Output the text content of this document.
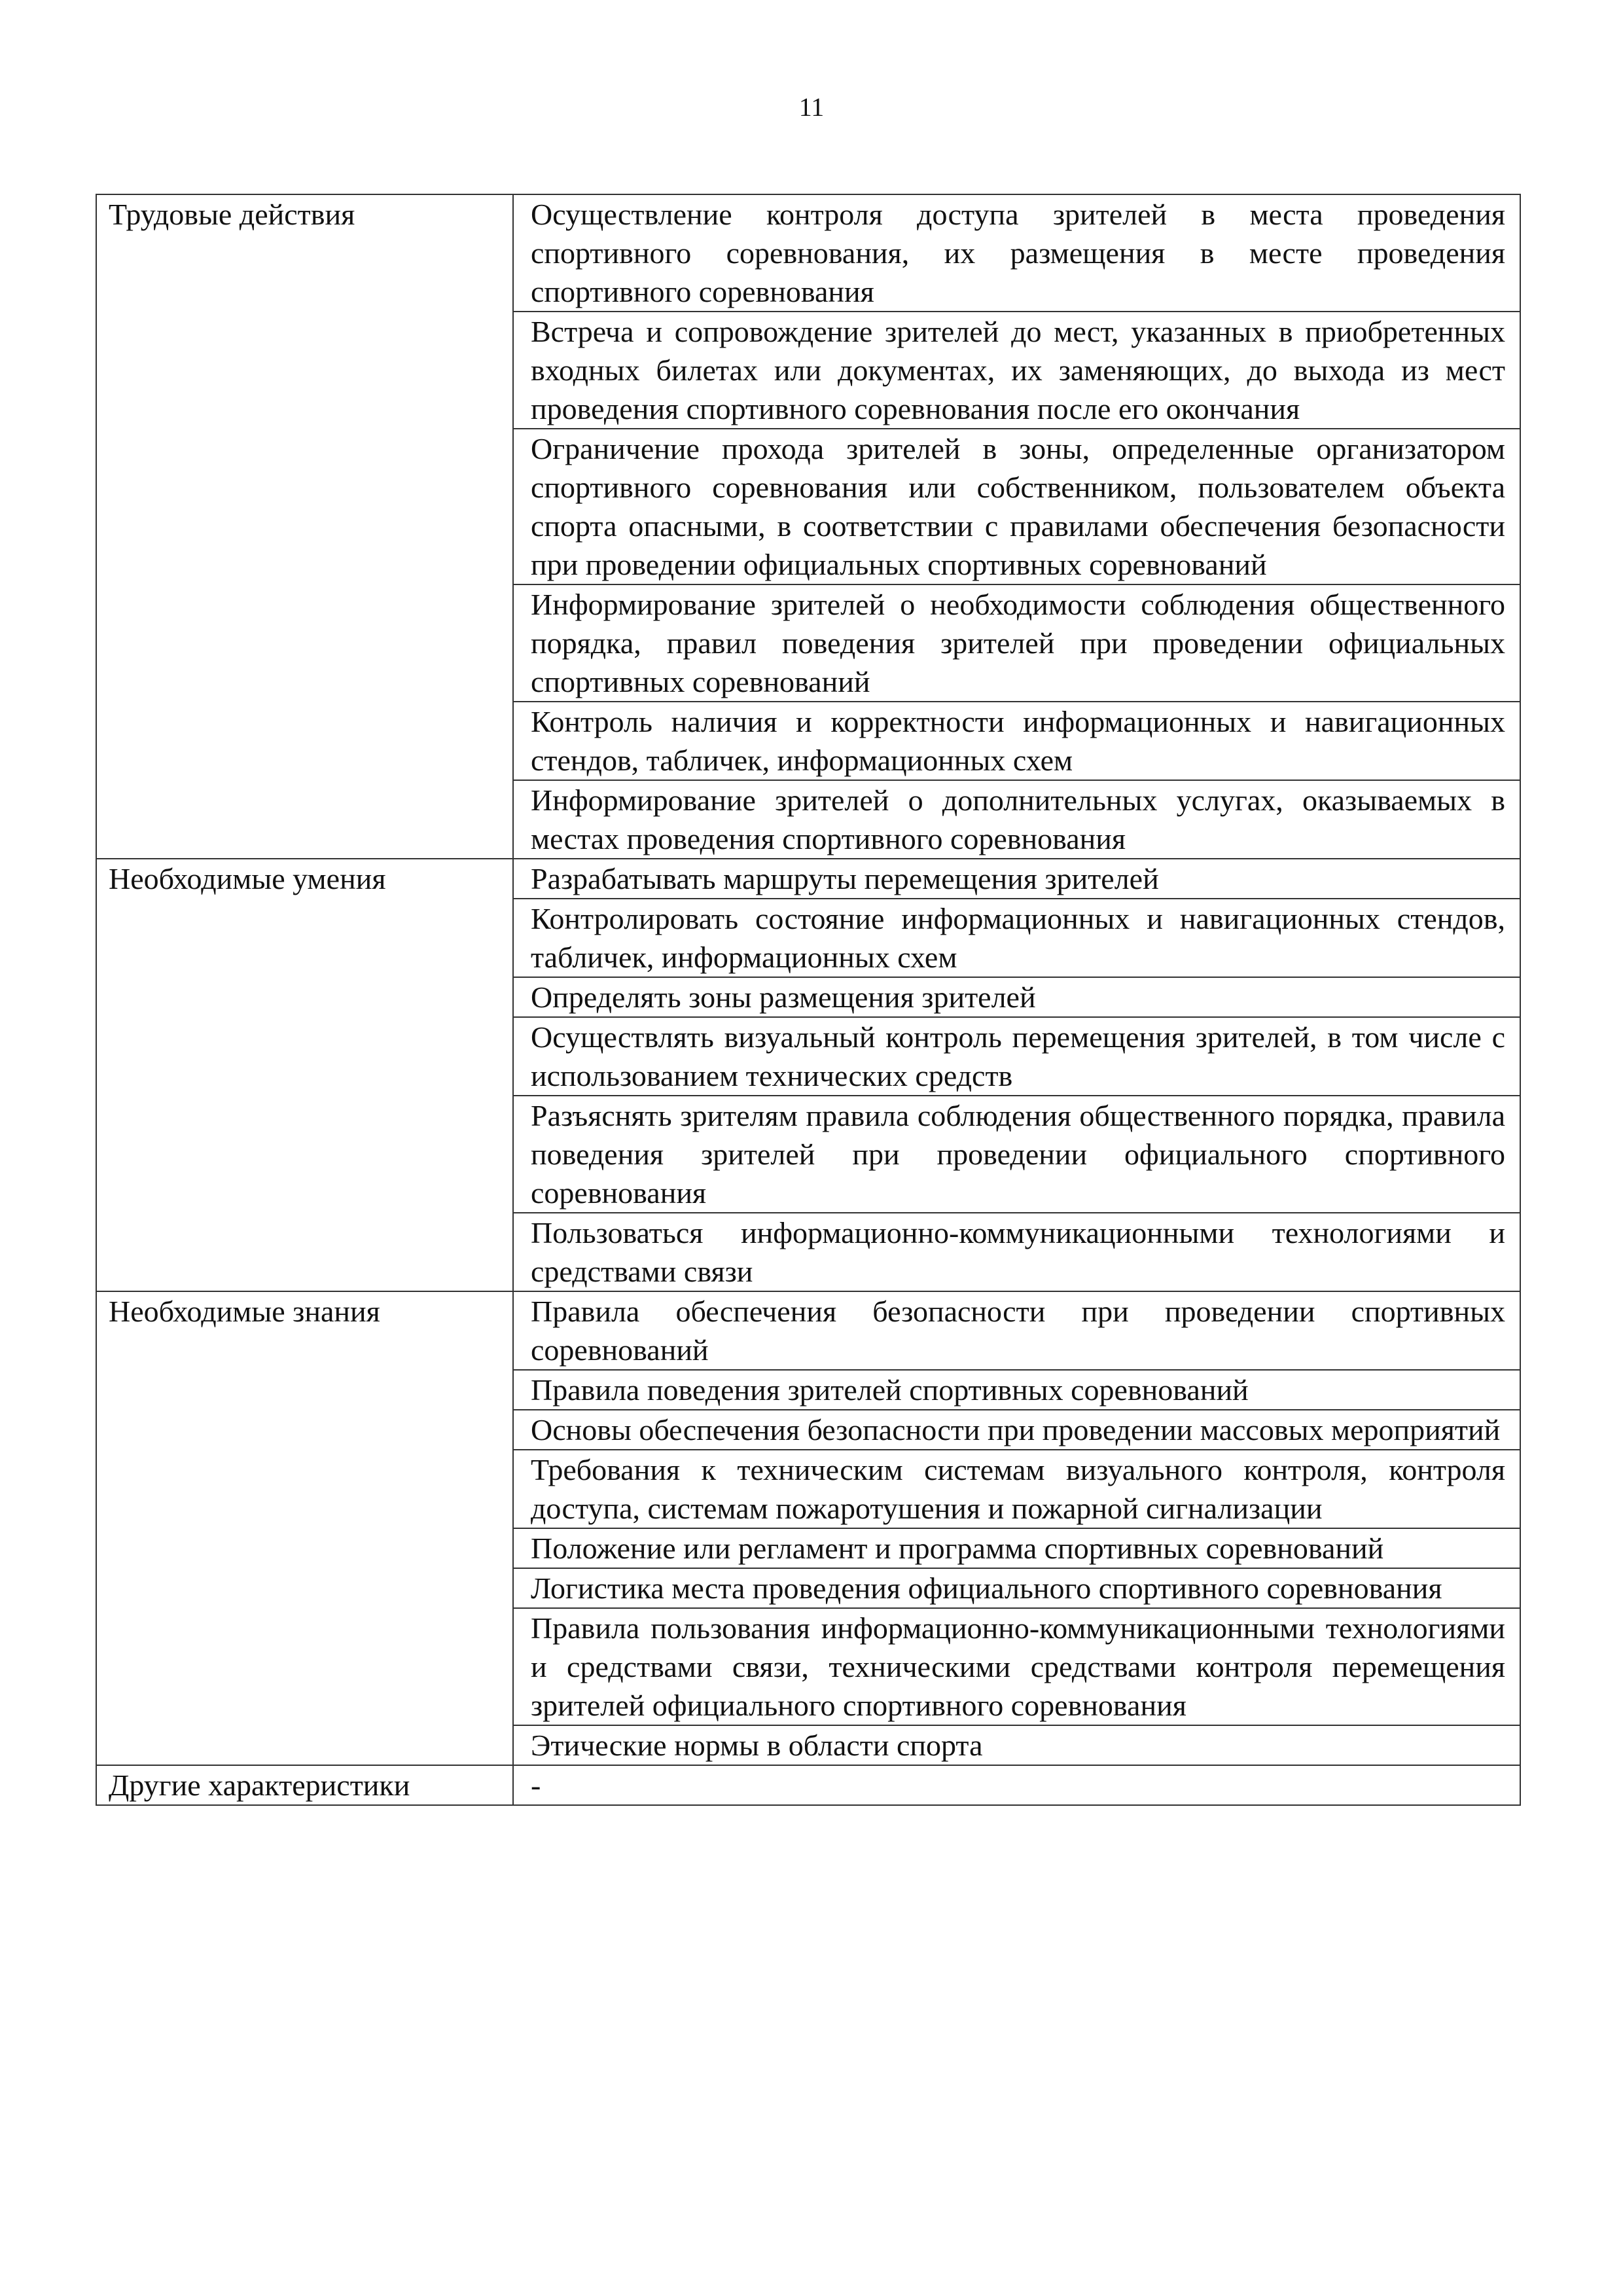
11
Трудовые действия	Осуществление контроля доступа зрителей в места проведения спортивного соревнования, их размещения в месте проведения спортивного соревнования
	Встреча и сопровождение зрителей до мест, указанных в приобретенных входных билетах или документах, их заменяющих, до выхода из мест проведения спортивного соревнования после его окончания
	Ограничение прохода зрителей в зоны, определенные организатором спортивного соревнования или собственником, пользователем объекта спорта опасными, в соответствии с правилами обеспечения безопасности при проведении официальных спортивных соревнований
	Информирование зрителей о необходимости соблюдения общественного порядка, правил поведения зрителей при проведении официальных спортивных соревнований
	Контроль наличия и корректности информационных и навигационных стендов, табличек, информационных схем
	Информирование зрителей о дополнительных услугах, оказываемых в местах проведения спортивного соревнования
Необходимые умения	Разрабатывать маршруты перемещения зрителей
	Контролировать состояние информационных и навигационных стендов, табличек, информационных схем
	Определять зоны размещения зрителей
	Осуществлять визуальный контроль перемещения зрителей, в том числе с использованием технических средств
	Разъяснять зрителям правила соблюдения общественного порядка, правила поведения зрителей при проведении официального спортивного соревнования
	Пользоваться информационно-коммуникационными технологиями и средствами связи
Необходимые знания	Правила обеспечения безопасности при проведении спортивных соревнований
	Правила поведения зрителей спортивных соревнований
	Основы обеспечения безопасности при проведении массовых мероприятий
	Требования к техническим системам визуального контроля, контроля доступа, системам пожаротушения и пожарной сигнализации
	Положение или регламент и программа спортивных соревнований
	Логистика места проведения официального спортивного соревнования
	Правила пользования информационно-коммуникационными технологиями и средствами связи, техническими средствами контроля перемещения зрителей официального спортивного соревнования
	Этические нормы в области спорта
Другие характеристики	-
